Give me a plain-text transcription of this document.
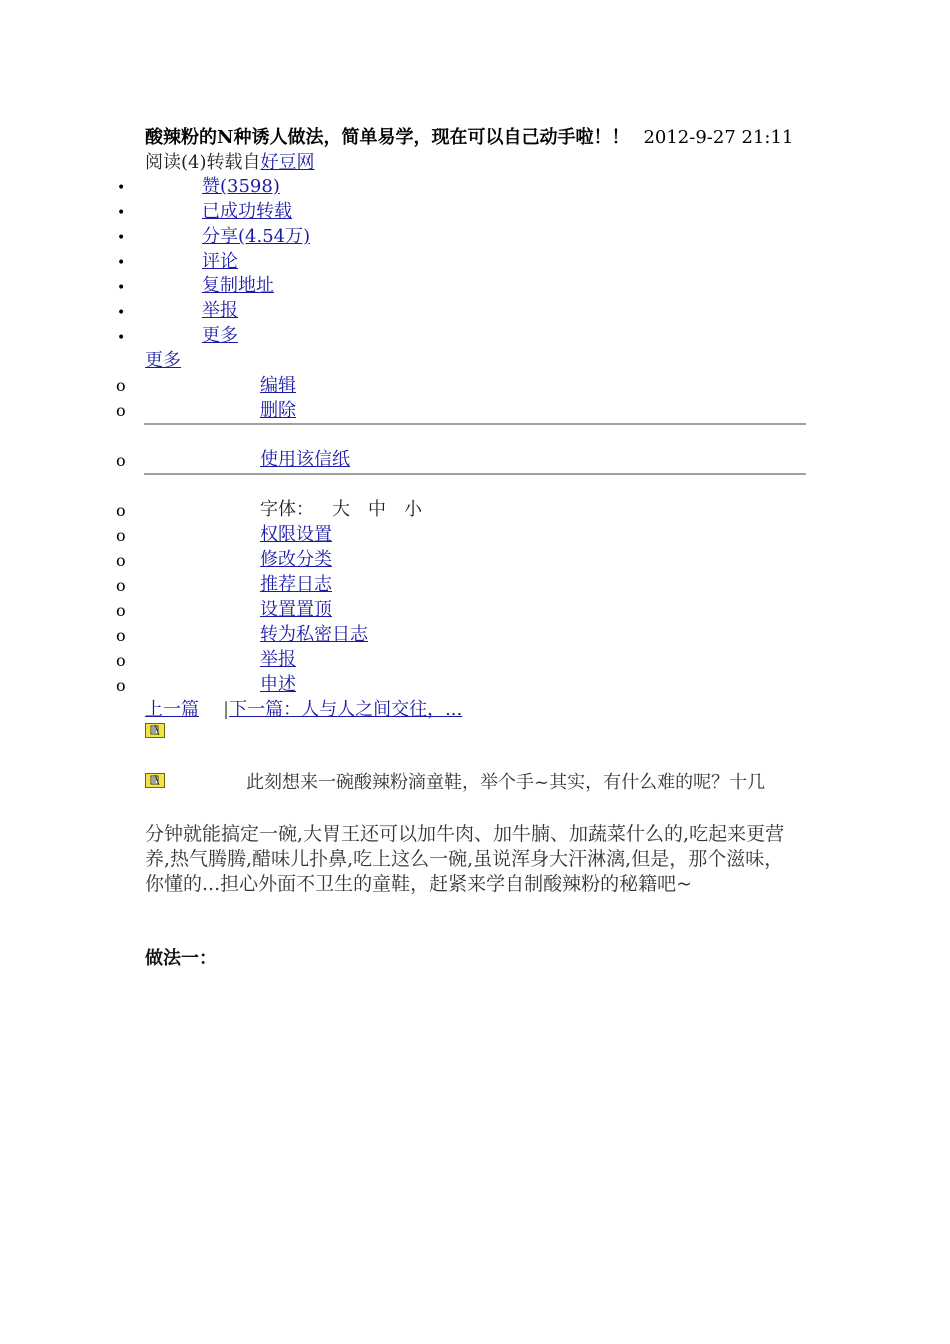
酸辣粉的N种诱人做法，简单易学，现在可以自己动手啦！！ 2012-9-27 21:11
阅读(4)转载自好豆网
•	赞(3598)
•	已成功转载
•	分享(4.54万)
•	评论
•	复制地址
•	举报
•	更多
更多
o	编辑
o	删除
o	使用该信纸
o	字体： 大 中 小
o	权限设置
o	修改分类
o	推荐日志
o	设置置顶
o	转为私密日志
o	举报
o	申述
上一篇 |下一篇：人与人之间交往，...
此刻想来一碗酸辣粉滴童鞋，举个手~其实，有什么难的呢？十几
分钟就能搞定一碗,大胃王还可以加牛肉、加牛腩、加蔬菜什么的,吃起来更营养,热气腾腾,醋味儿扑鼻,吃上这么一碗,虽说浑身大汗淋漓,但是，那个滋味，你懂的...担心外面不卫生的童鞋，赶紧来学自制酸辣粉的秘籍吧~
做法一：
